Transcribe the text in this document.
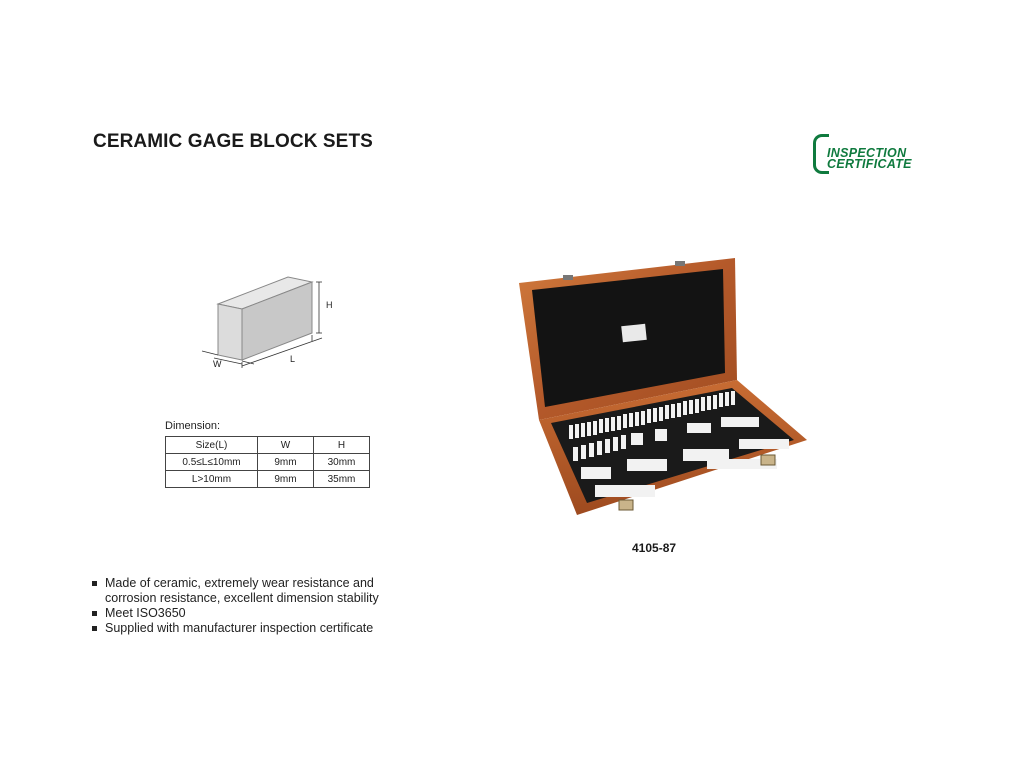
CERAMIC GAGE BLOCK SETS
INSPECTION
CERTIFICATE
H
L
W
Dimension:
Size(L)	W	H
0.5≤L≤10mm	9mm	30mm
L>10mm	9mm	35mm
4105-87
Made of ceramic, extremely wear resistance and
corrosion resistance, excellent dimension stability
Meet ISO3650
Supplied with manufacturer inspection certificate
